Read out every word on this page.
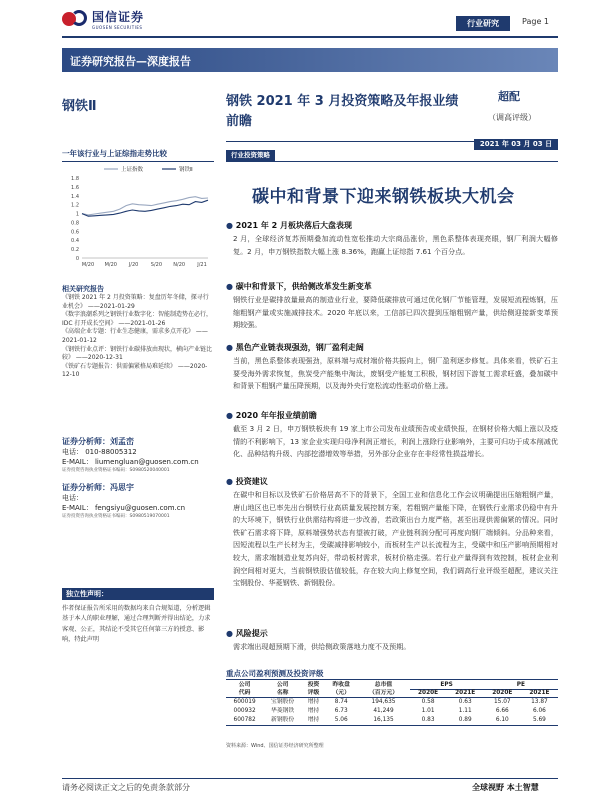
国信证券
GUOSEN SECURITIES	行业研究	Page 1
证券研究报告—深度报告
钢铁Ⅱ	钢铁 2021 年 3 月投资策略及年报业绩前瞻
超配
（调高评级）
2021 年 03 月 03 日
一年该行业与上证综指走势比较
0
0.2
0.4
0.6
0.8
1
1.2
1.4
1.6
1.8
M/20 M/20 J/20 S/20 N/20 J/21
上证指数	钢铁Ⅱ
相关研究报告
《钢铁 2021 年 2 月投资策略：复盘历年冬储，探寻行业机会》 ——2021-01-29
《数字浪潮系列之钢铁行业数字化：智能制造势在必行，IDC 打开成长空间》 ——2021-01-26
《高端企业专题：行业生态健康，需求多点开花》 ——2021-01-12
《钢铁行业点评：钢铁行业碳排放由现状，横向产业链比较》 ——2020-12-31
《铁矿石专题报告：供需偏紧格局难延续》 ——2020-12-10
证券分析师：刘孟峦
电话： 010-88005312
E-MAIL： liumengluan@guosen.com.cn
证券投资咨询执业资格证书编码：S0980520040001
证券分析师：冯思宇
电话：
E-MAIL： fengsiyu@guosen.com.cn
证券投资咨询执业资格证书编码：S0980519070001
独立性声明：
作者保证报告所采用的数据均来自合规渠道，分析逻辑基于本人的职业理解，通过合理判断并得出结论，力求客观、公正，其结论不受其它任何第三方的授意、影响，特此声明
行业投资策略
碳中和背景下迎来钢铁板块大机会
● 2021 年 2 月板块落后大盘表现
2 月，全球经济复苏预期叠加流动性宽松推动大宗商品涨价，黑色系整体表现亮眼，钢厂利润大幅修复。2 月，申万钢铁指数大幅上涨 8.36%，跑赢上证综指 7.61 个百分点。
● 碳中和背景下，供给侧改革发生新变革
钢铁行业是碳排放量最高的制造业行业，要降低碳排放可通过优化钢厂节能管理，发展短流程炼钢，压缩粗钢产量或实施减排技术。2020 年底以来，工信部已四次提到压缩粗钢产量，供给侧迎接新变革预期较强。
● 黑色产业链表现强劲，钢厂盈利走阔
当前，黑色系整体表现强劲，原料端与成材端价格共振向上，钢厂盈利逐步修复。具体来看，铁矿石主要受海外需求恢复，焦炭受产能集中淘汰，废钢受产能复工积极，钢材因下游复工需求旺盛，叠加碳中和背景下粗钢产量压降预期，以及海外央行宽松流动性驱动价格上涨。
● 2020 年年报业绩前瞻
截至 3 月 2 日，申万钢铁板块有 19 家上市公司发布业绩预告或业绩快报，在钢材价格大幅上涨以及疫情的不利影响下，13 家企业实现归母净利润正增长，利润上涨除行业影响外，主要可归功于成本削减优化、品种结构升级、内部挖潜增效等举措，另外部分企业存在非经常性损益增长。
● 投资建议
在碳中和目标以及铁矿石价格居高不下的背景下，全国工业和信息化工作会议明确提出压缩粗钢产量，唐山地区也已率先出台钢铁行业高质量发展控制方案，若粗钢产量能下降，在钢铁行业需求仍稳中有升的大环境下，钢铁行业供需结构将进一步改善，若政策出台力度严格，甚至出现供需偏紧的情况。同时铁矿石需求将下降，原料端强势状态有望被打破，产业链利润分配可再度向钢厂端倾斜。分品种来看，因短流程以生产长材为主，受碳减排影响较小，而板材生产以长流程为主，受碳中和压产影响预期相对较大，需求端制造业复苏向好，带动板材需求，板材价格走强。若行业产量得到有效控制，板材企业利润空间相对更大，当前钢铁股估值较低，存在较大向上修复空间，我们调高行业评级至超配，建议关注宝钢股份、华菱钢铁、新钢股份。
● 风险提示
需求端出现超预期下滑，供给侧政策落地力度不及预期。
重点公司盈利预测及投资评级
公司	公司	投资	昨收盘	总市值	EPS		PE	
代码	名称	评级	（元）	（百万元）	2020E	2021E	2020E	2021E
600019	宝钢股份	增持	8.74	194,635	0.58	0.63	15.07	13.87
000932	华菱钢铁	增持	6.73	41,249	1.01	1.11	6.66	6.06
600782	新钢股份	增持	5.06	16,135	0.83	0.89	6.10	5.69
资料来源：Wind、国信证券经济研究所整理
请务必阅读正文之后的免责条款部分	全球视野 本土智慧
